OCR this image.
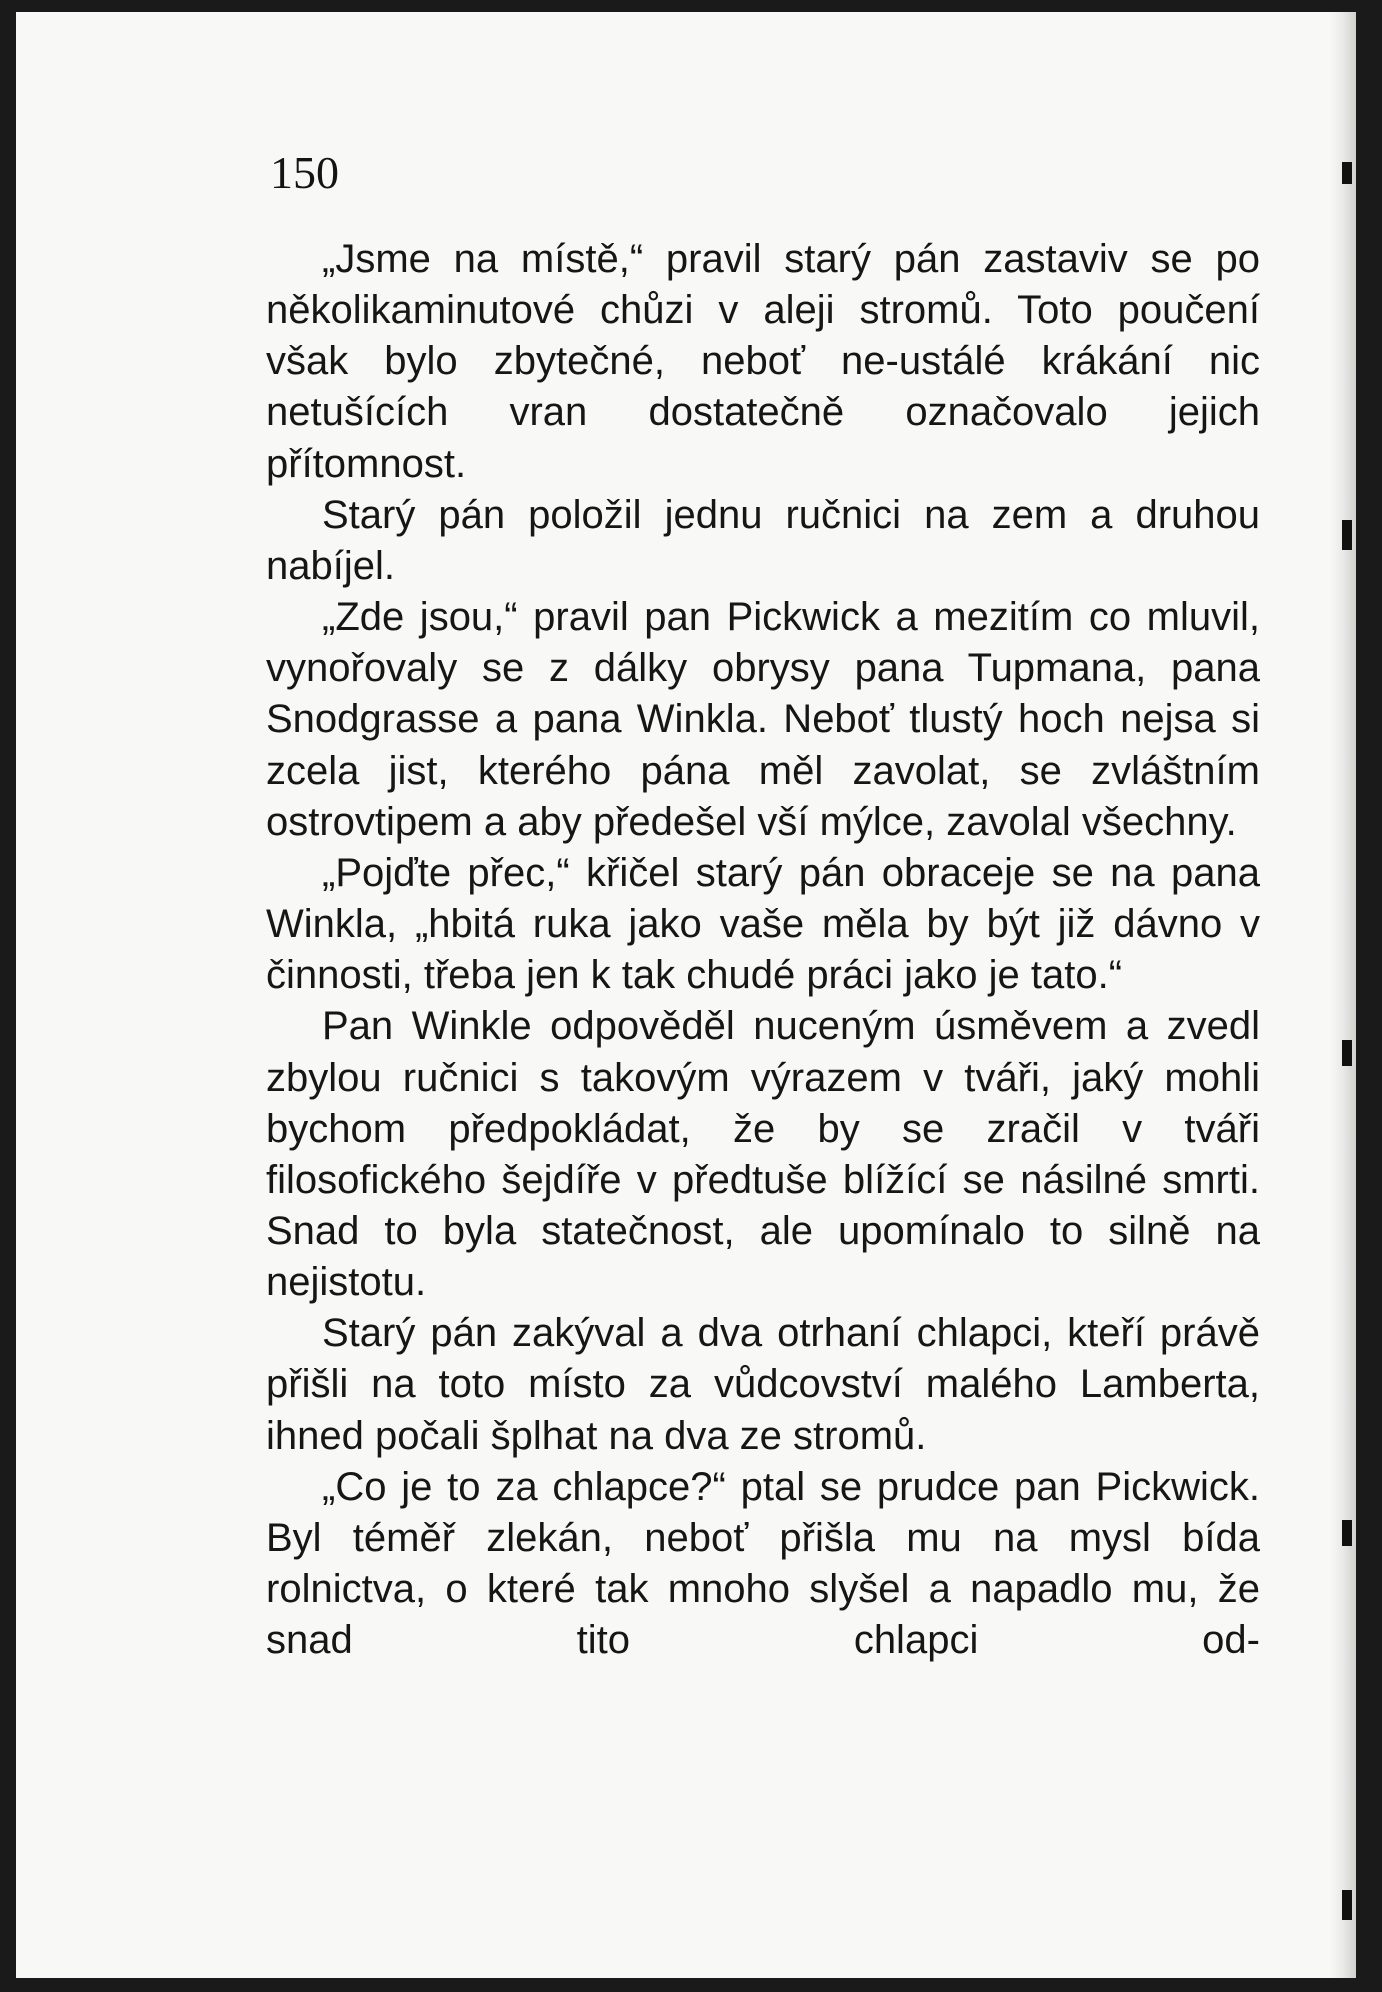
150

„Jsme na místě,“ pravil starý pán zastaviv se po několikaminutové chůzi v aleji stromů. Toto poučení však bylo zbytečné, neboť ne-ustálé krákání nic netušících vran dostatečně označovalo jejich přítomnost.

Starý pán položil jednu ručnici na zem a druhou nabíjel.

„Zde jsou,“ pravil pan Pickwick a mezitím co mluvil, vynořovaly se z dálky obrysy pana Tupmana, pana Snodgrasse a pana Winkla. Neboť tlustý hoch nejsa si zcela jist, kterého pána měl zavolat, se zvláštním ostrovtipem a aby předešel vší mýlce, zavolal všechny.

„Pojďte přec,“ křičel starý pán obraceje se na pana Winkla, „hbitá ruka jako vaše měla by být již dávno v činnosti, třeba jen k tak chudé práci jako je tato.“

Pan Winkle odpověděl nuceným úsměvem a zvedl zbylou ručnici s takovým výrazem v tváři, jaký mohli bychom předpokládat, že by se zračil v tváři filosofického šejdíře v předtuše blížící se násilné smrti. Snad to byla statečnost, ale upomínalo to silně na nejistotu.

Starý pán zakýval a dva otrhaní chlapci, kteří právě přišli na toto místo za vůdcovství malého Lamberta, ihned počali šplhat na dva ze stromů.

„Co je to za chlapce?“ ptal se prudce pan Pickwick. Byl téměř zlekán, neboť přišla mu na mysl bída rolnictva, o které tak mnoho slyšel a napadlo mu, že snad tito chlapci od-
